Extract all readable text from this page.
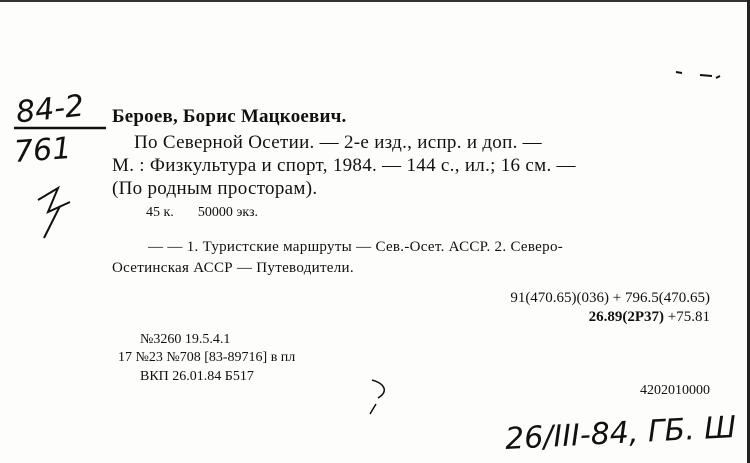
84-2
761
Бероев, Борис Мацкоевич.
По Северной Осетии. — 2-е изд., испр. и доп. —
М. : Физкультура и спорт, 1984. — 144 с., ил.; 16 см. —
(По родным просторам).
45 к. 50000 экз.
— — 1. Туристские маршруты — Сев.-Осет. АССР. 2. Северо-
Осетинская АССР — Путеводители.
91(470.65)(036) + 796.5(470.65)
26.89(2Р37) +75.81
№3260 19.5.4.1
17 №23 №708 [83-89716] в пл
ВКП 26.01.84 Б517
4202010000
26/III-84, ГБ. Ш
